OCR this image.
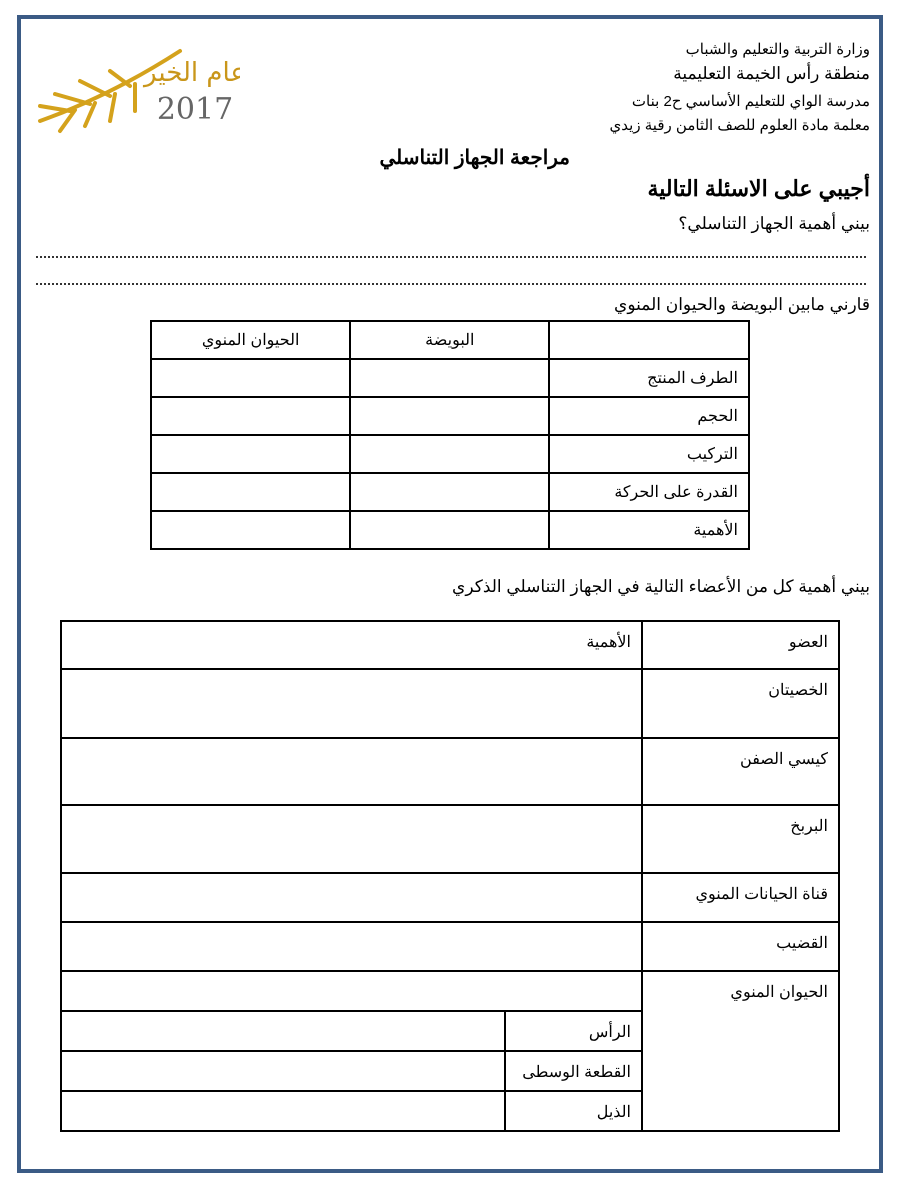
عام الخير
2017
وزارة التربية والتعليم والشباب
منطقة رأس الخيمة التعليمية
مدرسة الواي للتعليم الأساسي ح2 بنات
معلمة مادة العلوم للصف الثامن رقية زيدي
مراجعة الجهاز التناسلي
أجيبي على الاسئلة التالية
بيني أهمية الجهاز التناسلي؟
قارني مابين البويضة والحيوان المنوي
	البويضة	الحيوان المنوي
الطرف المنتج		
الحجم		
التركيب		
القدرة على الحركة		
الأهمية		
بيني أهمية كل من الأعضاء التالية في الجهاز التناسلي الذكري
العضو	الأهمية	
الخصيتان		
كيسي الصفن		
البربخ		
قناة الحيانات المنوي		
القضيب		
الحيوان المنوي		
	الرأس	
	القطعة الوسطى	
	الذيل	
